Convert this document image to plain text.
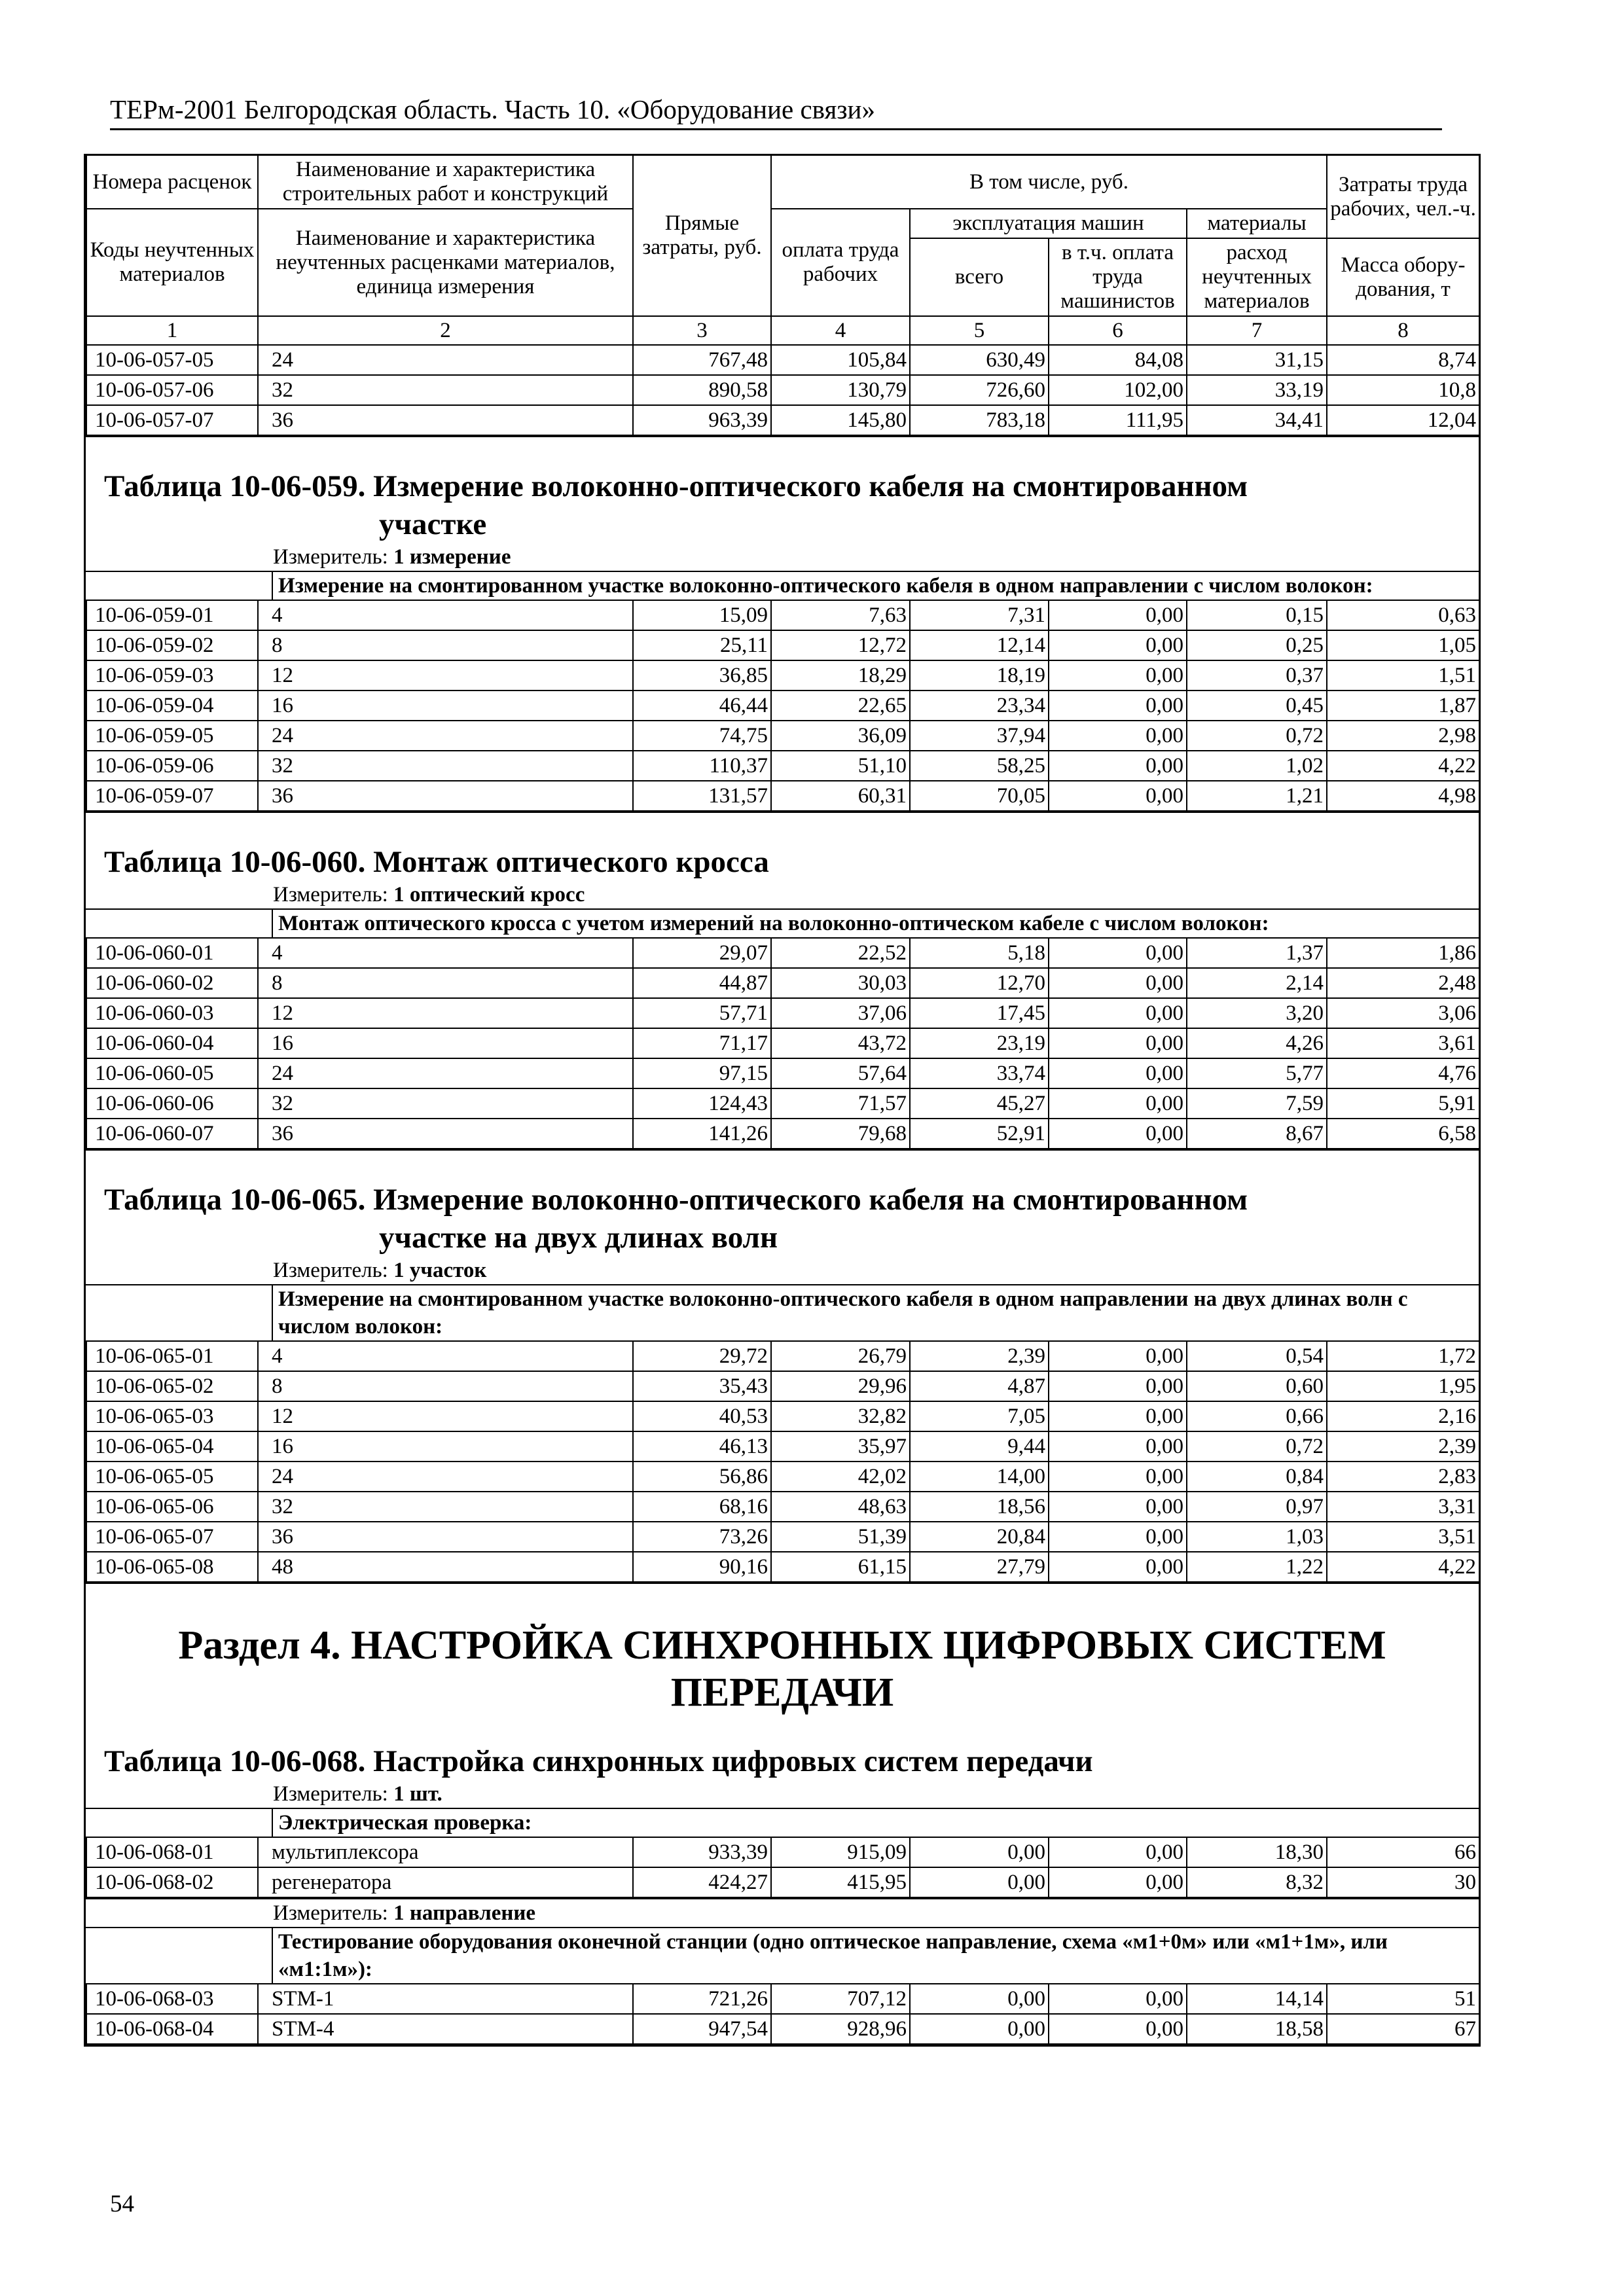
ТЕРм-2001 Белгородская область. Часть 10. «Оборудование связи»
Номера расценок	Наименование и характеристика строительных работ и конструкций	Прямые затраты, руб.	В том числе, руб.				Затраты труда рабочих, чел.-ч.
Коды неучтенных материалов	Наименование и характеристика неучтенных расценками материалов, единица измерения		оплата труда рабочих	эксплуатация машин		материалы	
				всего	в т.ч. оплата труда машинистов	расход неучтенных материалов	Масса обору-дования, т
1	2	3	4	5	6	7	8
10-06-057-05	24	767,48	105,84	630,49	84,08	31,15	8,74
10-06-057-06	32	890,58	130,79	726,60	102,00	33,19	10,8
10-06-057-07	36	963,39	145,80	783,18	111,95	34,41	12,04
Таблица 10-06-059. Измерение волоконно-оптического кабеля на смонтированном
участке
Измеритель: 1 измерение
Измерение на смонтированном участке волоконно-оптического кабеля в одном направлении с числом волокон:
10-06-059-01	4	15,09	7,63	7,31	0,00	0,15	0,63
10-06-059-02	8	25,11	12,72	12,14	0,00	0,25	1,05
10-06-059-03	12	36,85	18,29	18,19	0,00	0,37	1,51
10-06-059-04	16	46,44	22,65	23,34	0,00	0,45	1,87
10-06-059-05	24	74,75	36,09	37,94	0,00	0,72	2,98
10-06-059-06	32	110,37	51,10	58,25	0,00	1,02	4,22
10-06-059-07	36	131,57	60,31	70,05	0,00	1,21	4,98
Таблица 10-06-060. Монтаж оптического кросса
Измеритель: 1 оптический кросс
Монтаж оптического кросса с учетом измерений на волоконно-оптическом кабеле с числом волокон:
10-06-060-01	4	29,07	22,52	5,18	0,00	1,37	1,86
10-06-060-02	8	44,87	30,03	12,70	0,00	2,14	2,48
10-06-060-03	12	57,71	37,06	17,45	0,00	3,20	3,06
10-06-060-04	16	71,17	43,72	23,19	0,00	4,26	3,61
10-06-060-05	24	97,15	57,64	33,74	0,00	5,77	4,76
10-06-060-06	32	124,43	71,57	45,27	0,00	7,59	5,91
10-06-060-07	36	141,26	79,68	52,91	0,00	8,67	6,58
Таблица 10-06-065. Измерение волоконно-оптического кабеля на смонтированном
участке на двух длинах волн
Измеритель: 1 участок
Измерение на смонтированном участке волоконно-оптического кабеля в одном направлении на двух длинах волн с числом волокон:
10-06-065-01	4	29,72	26,79	2,39	0,00	0,54	1,72
10-06-065-02	8	35,43	29,96	4,87	0,00	0,60	1,95
10-06-065-03	12	40,53	32,82	7,05	0,00	0,66	2,16
10-06-065-04	16	46,13	35,97	9,44	0,00	0,72	2,39
10-06-065-05	24	56,86	42,02	14,00	0,00	0,84	2,83
10-06-065-06	32	68,16	48,63	18,56	0,00	0,97	3,31
10-06-065-07	36	73,26	51,39	20,84	0,00	1,03	3,51
10-06-065-08	48	90,16	61,15	27,79	0,00	1,22	4,22
Раздел 4. НАСТРОЙКА СИНХРОННЫХ ЦИФРОВЫХ СИСТЕМ
ПЕРЕДАЧИ
Таблица 10-06-068. Настройка синхронных цифровых систем передачи
Измеритель: 1 шт.
Электрическая проверка:
10-06-068-01	мультиплексора	933,39	915,09	0,00	0,00	18,30	66
10-06-068-02	регенератора	424,27	415,95	0,00	0,00	8,32	30
Измеритель: 1 направление
Тестирование оборудования оконечной станции (одно оптическое направление, схема «м1+0м» или «м1+1м», или «м1:1м»):
10-06-068-03	STM-1	721,26	707,12	0,00	0,00	14,14	51
10-06-068-04	STM-4	947,54	928,96	0,00	0,00	18,58	67
54
